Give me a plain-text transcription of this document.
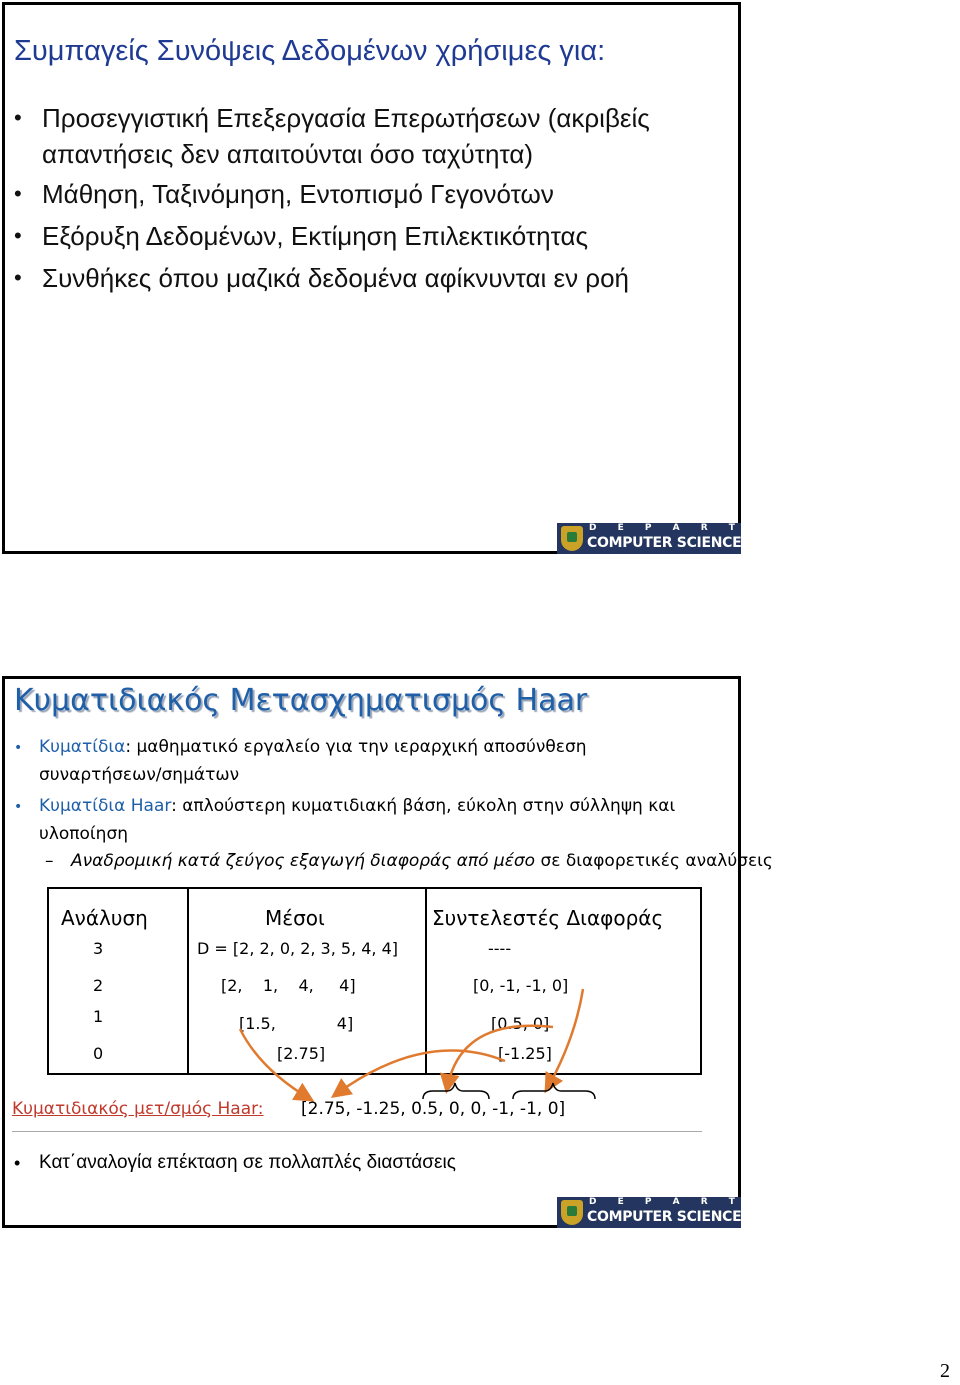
Συμπαγείς Συνόψεις Δεδομένων χρήσιμες για:
• Προσεγγιστική Επεξεργασία Επερωτήσεων (ακριβείς
απαντήσεις δεν απαιτούνται όσο ταχύτητα)
• Μάθηση, Ταξινόμηση, Εντοπισμό Γεγονότων
• Εξόρυξη Δεδομένων, Εκτίμηση Επιλεκτικότητας
• Συνθήκες όπου μαζικά δεδομένα αφίκνυνται εν ροή
D E P A R T M E N T O F
COMPUTER SCIENCE
Κυματιδιακός Μετασχηματισμός Haar
• Κυματίδια: μαθηματικό εργαλείο για την ιεραρχική αποσύνθεση
συναρτήσεων/σημάτων
• Κυματίδια Haar: απλούστερη κυματιδιακή βάση, εύκολη στην σύλληψη και
υλοποίηση
– Αναδρομική κατά ζεύγος εξαγωγή διαφοράς από μέσο σε διαφορετικές αναλύσεις
Ανάλυση	Μέσοι	Συντελεστές Διαφοράς
3	D = [2, 2, 0, 2, 3, 5, 4, 4]	----
2	[2,    1,    4,     4]	[0, -1, -1, 0]
1	[1.5,            4]	[0.5, 0]
0	[2.75]	[-1.25]
Κυματιδιακός μετ/σμός Haar: [2.75, -1.25, 0.5, 0, 0, -1, -1, 0]
• Κατ΄αναλογία επέκταση σε πολλαπλές διαστάσεις
D E P A R T M E N T O F
COMPUTER SCIENCE
2
